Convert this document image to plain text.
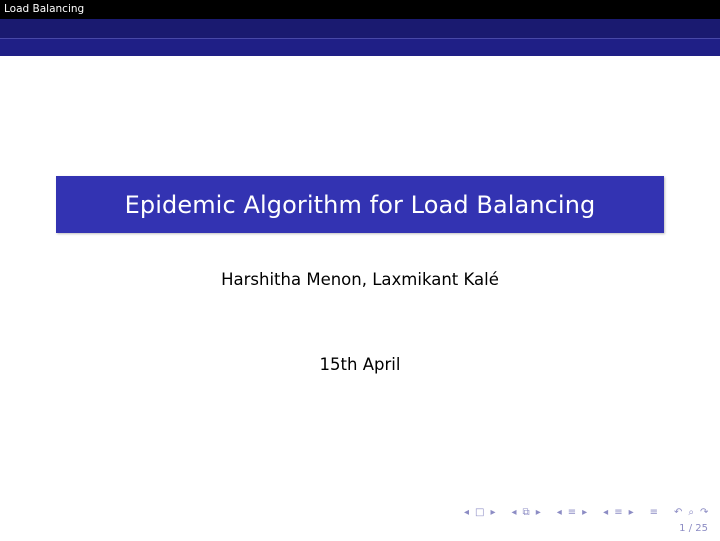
Load Balancing
Epidemic Algorithm for Load Balancing
Harshitha Menon, Laxmikant Kalé
15th April
◂ □ ▸ ◂ ⧉ ▸ ◂ ≡ ▸ ◂ ≡ ▸ ≡ ↶ ⌕ ↷
1 / 25
